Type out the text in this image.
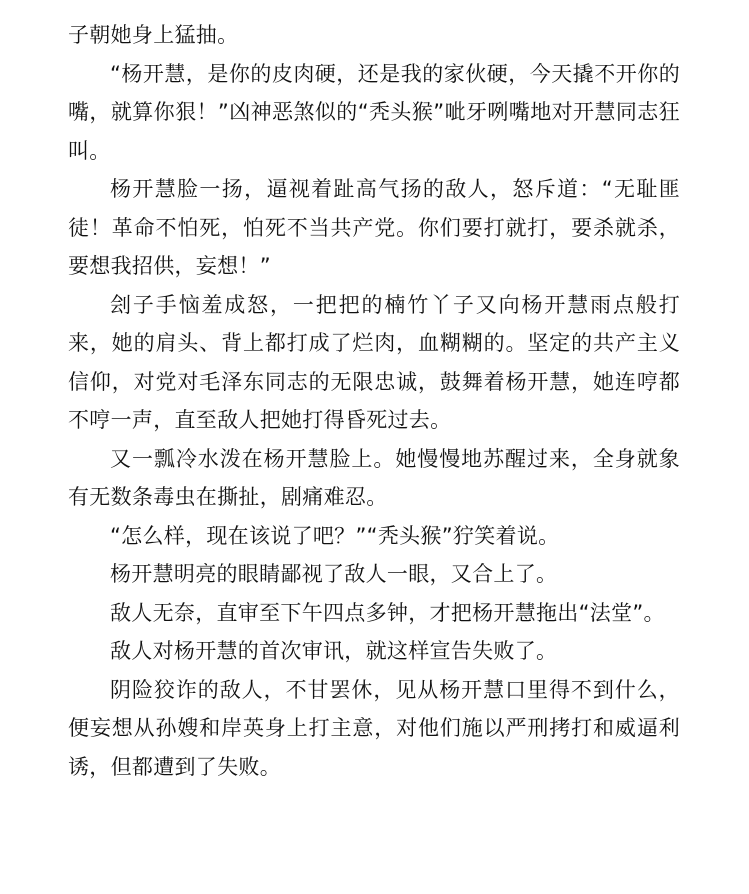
子朝她身上猛抽。

“杨开慧，是你的皮肉硬，还是我的家伙硬，今天撬不开你的嘴，就算你狠！”凶神恶煞似的“秃头猴”呲牙咧嘴地对开慧同志狂叫。

杨开慧脸一扬，逼视着趾高气扬的敌人，怒斥道：“无耻匪徒！革命不怕死，怕死不当共产党。你们要打就打，要杀就杀，要想我招供，妄想！”

刽子手恼羞成怒，一把把的楠竹丫子又向杨开慧雨点般打来，她的肩头、背上都打成了烂肉，血糊糊的。坚定的共产主义信仰，对党对毛泽东同志的无限忠诚，鼓舞着杨开慧，她连哼都不哼一声，直至敌人把她打得昏死过去。

又一瓢冷水泼在杨开慧脸上。她慢慢地苏醒过来，全身就象有无数条毒虫在撕扯，剧痛难忍。

“怎么样，现在该说了吧？”“秃头猴”狞笑着说。

杨开慧明亮的眼睛鄙视了敌人一眼，又合上了。

敌人无奈，直审至下午四点多钟，才把杨开慧拖出“法堂”。

敌人对杨开慧的首次审讯，就这样宣告失败了。

阴险狡诈的敌人，不甘罢休，见从杨开慧口里得不到什么，便妄想从孙嫂和岸英身上打主意，对他们施以严刑拷打和威逼利诱，但都遭到了失败。
